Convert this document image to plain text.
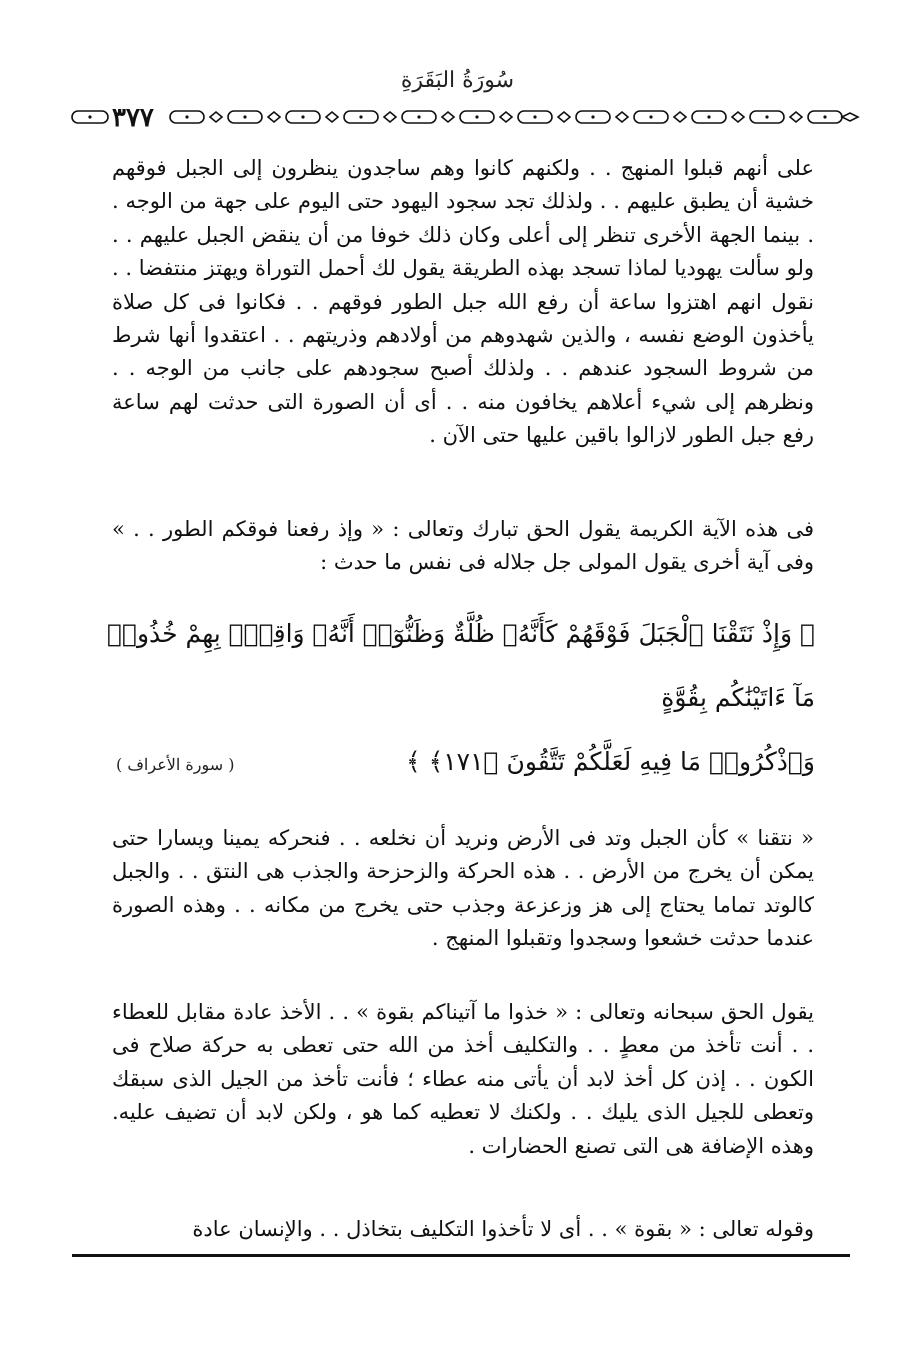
سُورَةُ البَقَرَةِ
٣٧٧

على أنهم قبلوا المنهج . . ولكنهم كانوا وهم ساجدون ينظرون إلى الجبل فوقهم خشية أن يطبق عليهم . . ولذلك تجد سجود اليهود حتى اليوم على جهة من الوجه . . بينما الجهة الأخرى تنظر إلى أعلى وكان ذلك خوفا من أن ينقض الجبل عليهم . . ولو سألت يهوديا لماذا تسجد بهذه الطريقة يقول لك أحمل التوراة ويهتز منتفضا . . نقول انهم اهتزوا ساعة أن رفع الله جبل الطور فوقهم . . فكانوا فى كل صلاة يأخذون الوضع نفسه ، والذين شهدوهم من أولادهم وذريتهم . . اعتقدوا أنها شرط من شروط السجود عندهم . . ولذلك أصبح سجودهم على جانب من الوجه . . ونظرهم إلى شيء أعلاهم يخافون منه . . أى أن الصورة التى حدثت لهم ساعة رفع جبل الطور لازالوا باقين عليها حتى الآن .

فى هذه الآية الكريمة يقول الحق تبارك وتعالى : « وإذ رفعنا فوقكم الطور . . » وفى آية أخرى يقول المولى جل جلاله فى نفس ما حدث :

﴿ وَإِذْ نَتَقْنَا ٱلْجَبَلَ فَوْقَهُمْ كَأَنَّهُۥ ظُلَّةٌ وَظَنُّوٓا۟ أَنَّهُۥ وَاقِعٌۢ بِهِمْ خُذُوا۟ مَآ ءَاتَيْنَٰكُم بِقُوَّةٍ

وَٱذْكُرُوا۟ مَا فِيهِ لَعَلَّكُمْ تَتَّقُونَ ﴿١٧١﴾ ﴾

( سورة الأعراف )

« نتقنا » كأن الجبل وتد فى الأرض ونريد أن نخلعه . . فنحركه يمينا ويسارا حتى يمكن أن يخرج من الأرض . . هذه الحركة والزحزحة والجذب هى النتق . . والجبل كالوتد تماما يحتاج إلى هز وزعزعة وجذب حتى يخرج من مكانه . . وهذه الصورة عندما حدثت خشعوا وسجدوا وتقبلوا المنهج .

يقول الحق سبحانه وتعالى : « خذوا ما آتيناكم بقوة » . . الأخذ عادة مقابل للعطاء . . أنت تأخذ من معطٍ . . والتكليف أخذ من الله حتى تعطى به حركة صلاح فى الكون . . إذن كل أخذ لابد أن يأتى منه عطاء ؛ فأنت تأخذ من الجيل الذى سبقك وتعطى للجيل الذى يليك . . ولكنك لا تعطيه كما هو ، ولكن لابد أن تضيف عليه. وهذه الإضافة هى التى تصنع الحضارات .

وقوله تعالى : « بقوة » . . أى لا تأخذوا التكليف بتخاذل . . والإنسان عادة
